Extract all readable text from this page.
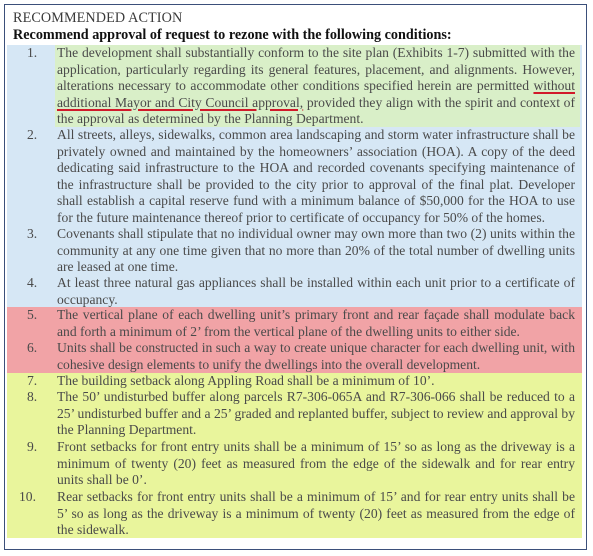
RECOMMENDED ACTION
Recommend approval of request to rezone with the following conditions:
1.	The development shall substantially conform to the site plan (Exhibits 1-7) submitted with the application, particularly regarding its general features, placement, and alignments. However, alterations necessary to accommodate other conditions specified herein are permitted without additional Mayor and City Council approval, provided they align with the spirit and context of the approval as determined by the Planning Department.
2.	All streets, alleys, sidewalks, common area landscaping and storm water infrastructure shall be privately owned and maintained by the homeowners’ association (HOA). A copy of the deed dedicating said infrastructure to the HOA and recorded covenants specifying maintenance of the infrastructure shall be provided to the city prior to approval of the final plat. Developer shall establish a capital reserve fund with a minimum balance of $50,000 for the HOA to use for the future maintenance thereof prior to certificate of occupancy for 50% of the homes.
3.	Covenants shall stipulate that no individual owner may own more than two (2) units within the community at any one time given that no more than 20% of the total number of dwelling units are leased at one time.
4.	At least three natural gas appliances shall be installed within each unit prior to a certificate of occupancy.
5.	The vertical plane of each dwelling unit’s primary front and rear façade shall modulate back and forth a minimum of 2’ from the vertical plane of the dwelling units to either side.
6.	Units shall be constructed in such a way to create unique character for each dwelling unit, with cohesive design elements to unify the dwellings into the overall development.
7.	The building setback along Appling Road shall be a minimum of 10’.
8.	The 50’ undisturbed buffer along parcels R7-306-065A and R7-306-066 shall be reduced to a 25’ undisturbed buffer and a 25’ graded and replanted buffer, subject to review and approval by the Planning Department.
9.	Front setbacks for front entry units shall be a minimum of 15’ so as long as the driveway is a minimum of twenty (20) feet as measured from the edge of the sidewalk and for rear entry units shall be 0’.
10.	Rear setbacks for front entry units shall be a minimum of 15’ and for rear entry units shall be 5’ so as long as the driveway is a minimum of twenty (20) feet as measured from the edge of the sidewalk.
